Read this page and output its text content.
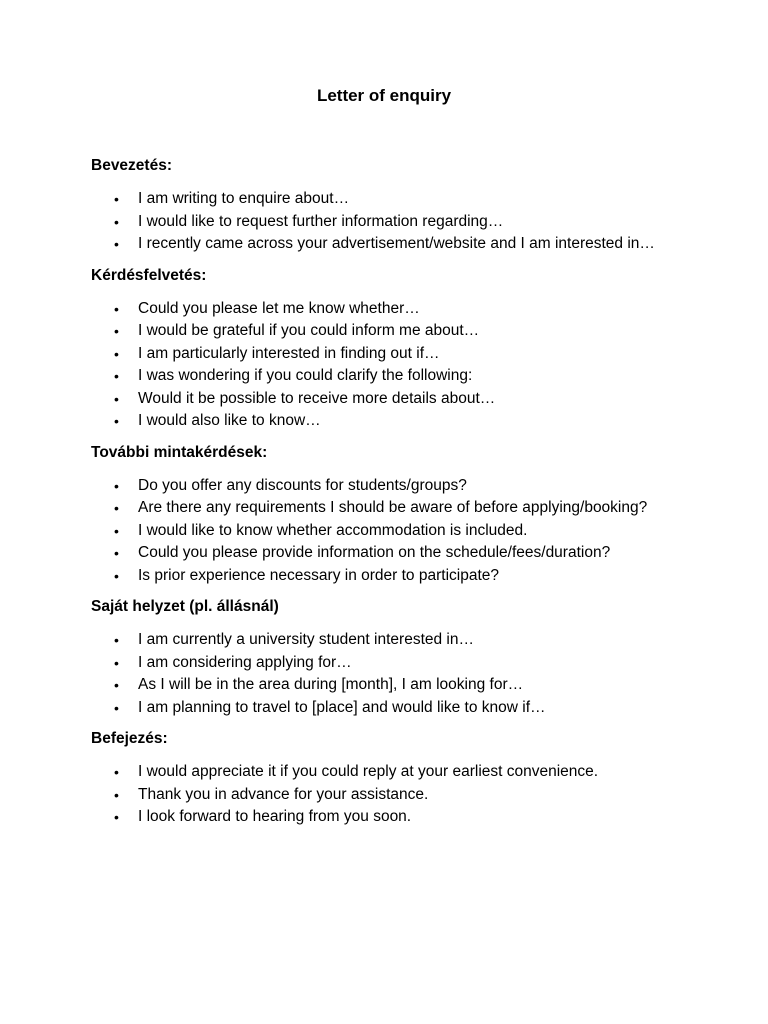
Letter of enquiry
Bevezetés:
• I am writing to enquire about…
• I would like to request further information regarding…
• I recently came across your advertisement/website and I am interested in…
Kérdésfelvetés:
• Could you please let me know whether…
• I would be grateful if you could inform me about…
• I am particularly interested in finding out if…
• I was wondering if you could clarify the following:
• Would it be possible to receive more details about…
• I would also like to know…
További mintakérdések:
• Do you offer any discounts for students/groups?
• Are there any requirements I should be aware of before applying/booking?
• I would like to know whether accommodation is included.
• Could you please provide information on the schedule/fees/duration?
• Is prior experience necessary in order to participate?
Saját helyzet (pl. állásnál)
• I am currently a university student interested in…
• I am considering applying for…
• As I will be in the area during [month], I am looking for…
• I am planning to travel to [place] and would like to know if…
Befejezés:
• I would appreciate it if you could reply at your earliest convenience.
• Thank you in advance for your assistance.
• I look forward to hearing from you soon.
